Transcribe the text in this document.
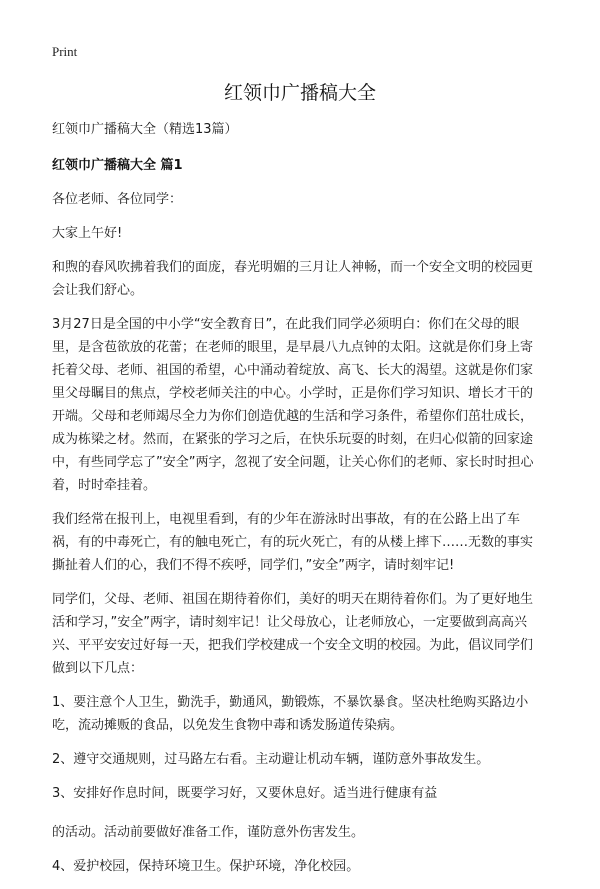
Print
红领巾广播稿大全

红领巾广播稿大全（精选13篇）

红领巾广播稿大全 篇1

各位老师、各位同学：

大家上午好!

和煦的春风吹拂着我们的面庞，春光明媚的三月让人神畅，而一个安全文明的校园更会让我们舒心。

3月27日是全国的中小学“安全教育日”，在此我们同学必须明白：你们在父母的眼里，是含苞欲放的花蕾；在老师的眼里，是早晨八九点钟的太阳。这就是你们身上寄托着父母、老师、祖国的希望，心中涌动着绽放、高飞、长大的渴望。这就是你们家里父母瞩目的焦点，学校老师关注的中心。小学时，正是你们学习知识、增长才干的开端。父母和老师竭尽全力为你们创造优越的生活和学习条件，希望你们茁壮成长，成为栋梁之材。然而，在紧张的学习之后，在快乐玩耍的时刻，在归心似箭的回家途中，有些同学忘了”安全”两字，忽视了安全问题，让关心你们的老师、家长时时担心着，时时牵挂着。

我们经常在报刊上，电视里看到，有的少年在游泳时出事故，有的在公路上出了车祸，有的中毒死亡，有的触电死亡，有的玩火死亡，有的从楼上摔下……无数的事实撕扯着人们的心，我们不得不疾呼，同学们，”安全”两字，请时刻牢记!

同学们，父母、老师、祖国在期待着你们，美好的明天在期待着你们。为了更好地生活和学习，”安全”两字，请时刻牢记！让父母放心，让老师放心，一定要做到高高兴兴、平平安安过好每一天，把我们学校建成一个安全文明的校园。为此，倡议同学们做到以下几点：

1、要注意个人卫生，勤洗手，勤通风，勤锻炼，不暴饮暴食。坚决杜绝购买路边小吃，流动摊贩的食品，以免发生食物中毒和诱发肠道传染病。

2、遵守交通规则，过马路左右看。主动避让机动车辆，谨防意外事故发生。

3、安排好作息时间，既要学习好，又要休息好。适当进行健康有益

的活动。活动前要做好准备工作，谨防意外伤害发生。

4、爱护校园，保持环境卫生。保护环境，净化校园。
